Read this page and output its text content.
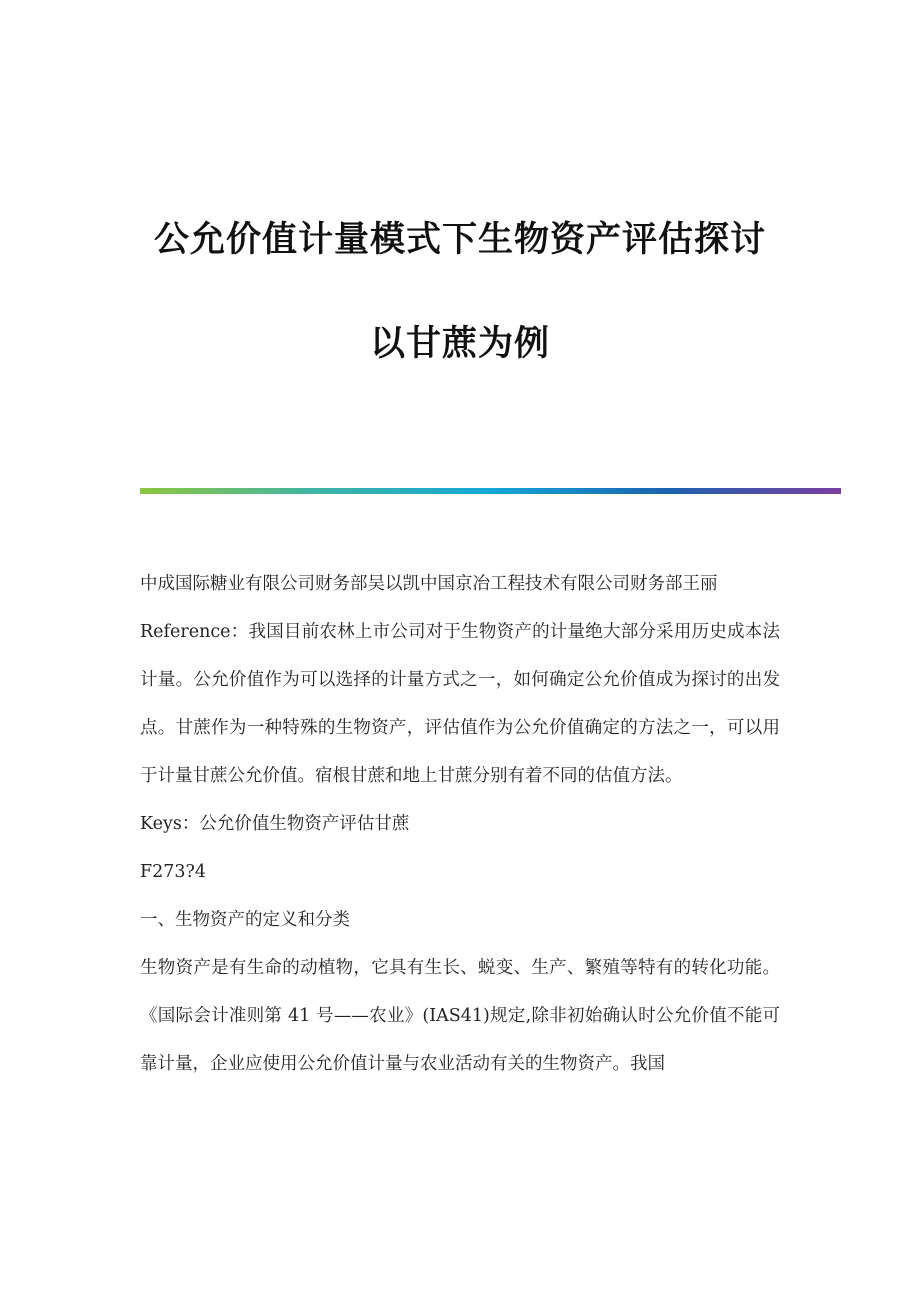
公允价值计量模式下生物资产评估探讨
以甘蔗为例

中成国际糖业有限公司财务部吴以凯中国京冶工程技术有限公司财务部王丽

Reference：我国目前农林上市公司对于生物资产的计量绝大部分采用历史成本法计量。公允价值作为可以选择的计量方式之一，如何确定公允价值成为探讨的出发点。甘蔗作为一种特殊的生物资产，评估值作为公允价值确定的方法之一，可以用于计量甘蔗公允价值。宿根甘蔗和地上甘蔗分别有着不同的估值方法。

Keys：公允价值生物资产评估甘蔗

F273?4

一、生物资产的定义和分类

生物资产是有生命的动植物，它具有生长、蜕变、生产、繁殖等特有的转化功能。《国际会计准则第 41 号——农业》(IAS41)规定,除非初始确认时公允价值不能可靠计量，企业应使用公允价值计量与农业活动有关的生物资产。我国
